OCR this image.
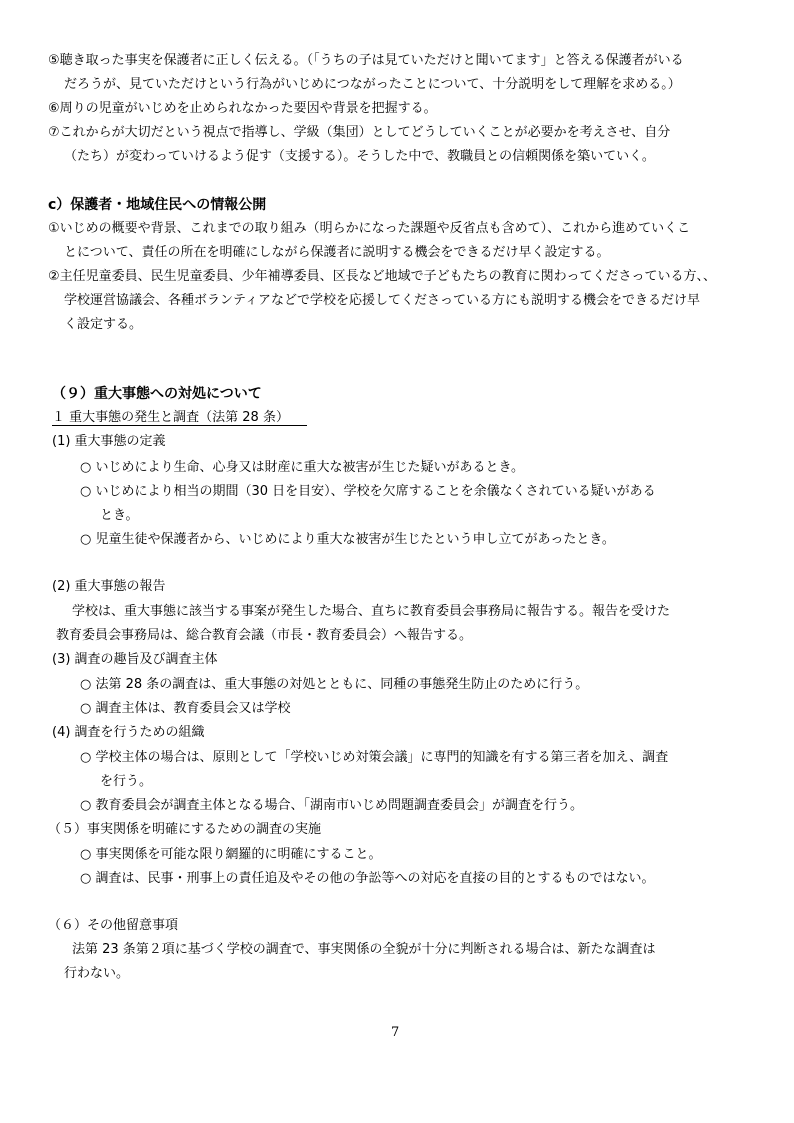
⑤聴き取った事実を保護者に正しく伝える。（「うちの子は見ていただけと聞いてます」と答える保護者がいる
だろうが、見ていただけという行為がいじめにつながったことについて、十分説明をして理解を求める。）
⑥周りの児童がいじめを止められなかった要因や背景を把握する。
⑦これからが大切だという視点で指導し、学級（集団）としてどうしていくことが必要かを考えさせ、自分
（たち）が変わっていけるよう促す（支援する）。そうした中で、教職員との信頼関係を築いていく。
c）保護者・地域住民への情報公開
①いじめの概要や背景、これまでの取り組み（明らかになった課題や反省点も含めて）、これから進めていくこ
とについて、責任の所在を明確にしながら保護者に説明する機会をできるだけ早く設定する。
②主任児童委員、民生児童委員、少年補導委員、区長など地域で子どもたちの教育に関わってくださっている方、、
学校運営協議会、各種ボランティアなどで学校を応援してくださっている方にも説明する機会をできるだけ早
く設定する。
（９）重大事態への対処について
１ 重大事態の発生と調査（法第 28 条）
(1) 重大事態の定義
○ いじめにより生命、心身又は財産に重大な被害が生じた疑いがあるとき。
○ いじめにより相当の期間（30 日を目安）、学校を欠席することを余儀なくされている疑いがある
とき。
○ 児童生徒や保護者から、いじめにより重大な被害が生じたという申し立てがあったとき。
(2) 重大事態の報告
学校は、重大事態に該当する事案が発生した場合、直ちに教育委員会事務局に報告する。報告を受けた
教育委員会事務局は、総合教育会議（市長・教育委員会）へ報告する。
(3) 調査の趣旨及び調査主体
○ 法第 28 条の調査は、重大事態の対処とともに、同種の事態発生防止のために行う。
○ 調査主体は、教育委員会又は学校
(4) 調査を行うための組織
○ 学校主体の場合は、原則として「学校いじめ対策会議」に専門的知識を有する第三者を加え、調査
を行う。
○ 教育委員会が調査主体となる場合、「湖南市いじめ問題調査委員会」が調査を行う。
（５）事実関係を明確にするための調査の実施
○ 事実関係を可能な限り網羅的に明確にすること。
○ 調査は、民事・刑事上の責任追及やその他の争訟等への対応を直接の目的とするものではない。
（６）その他留意事項
法第 23 条第２項に基づく学校の調査で、事実関係の全貌が十分に判断される場合は、新たな調査は
行わない。
7
